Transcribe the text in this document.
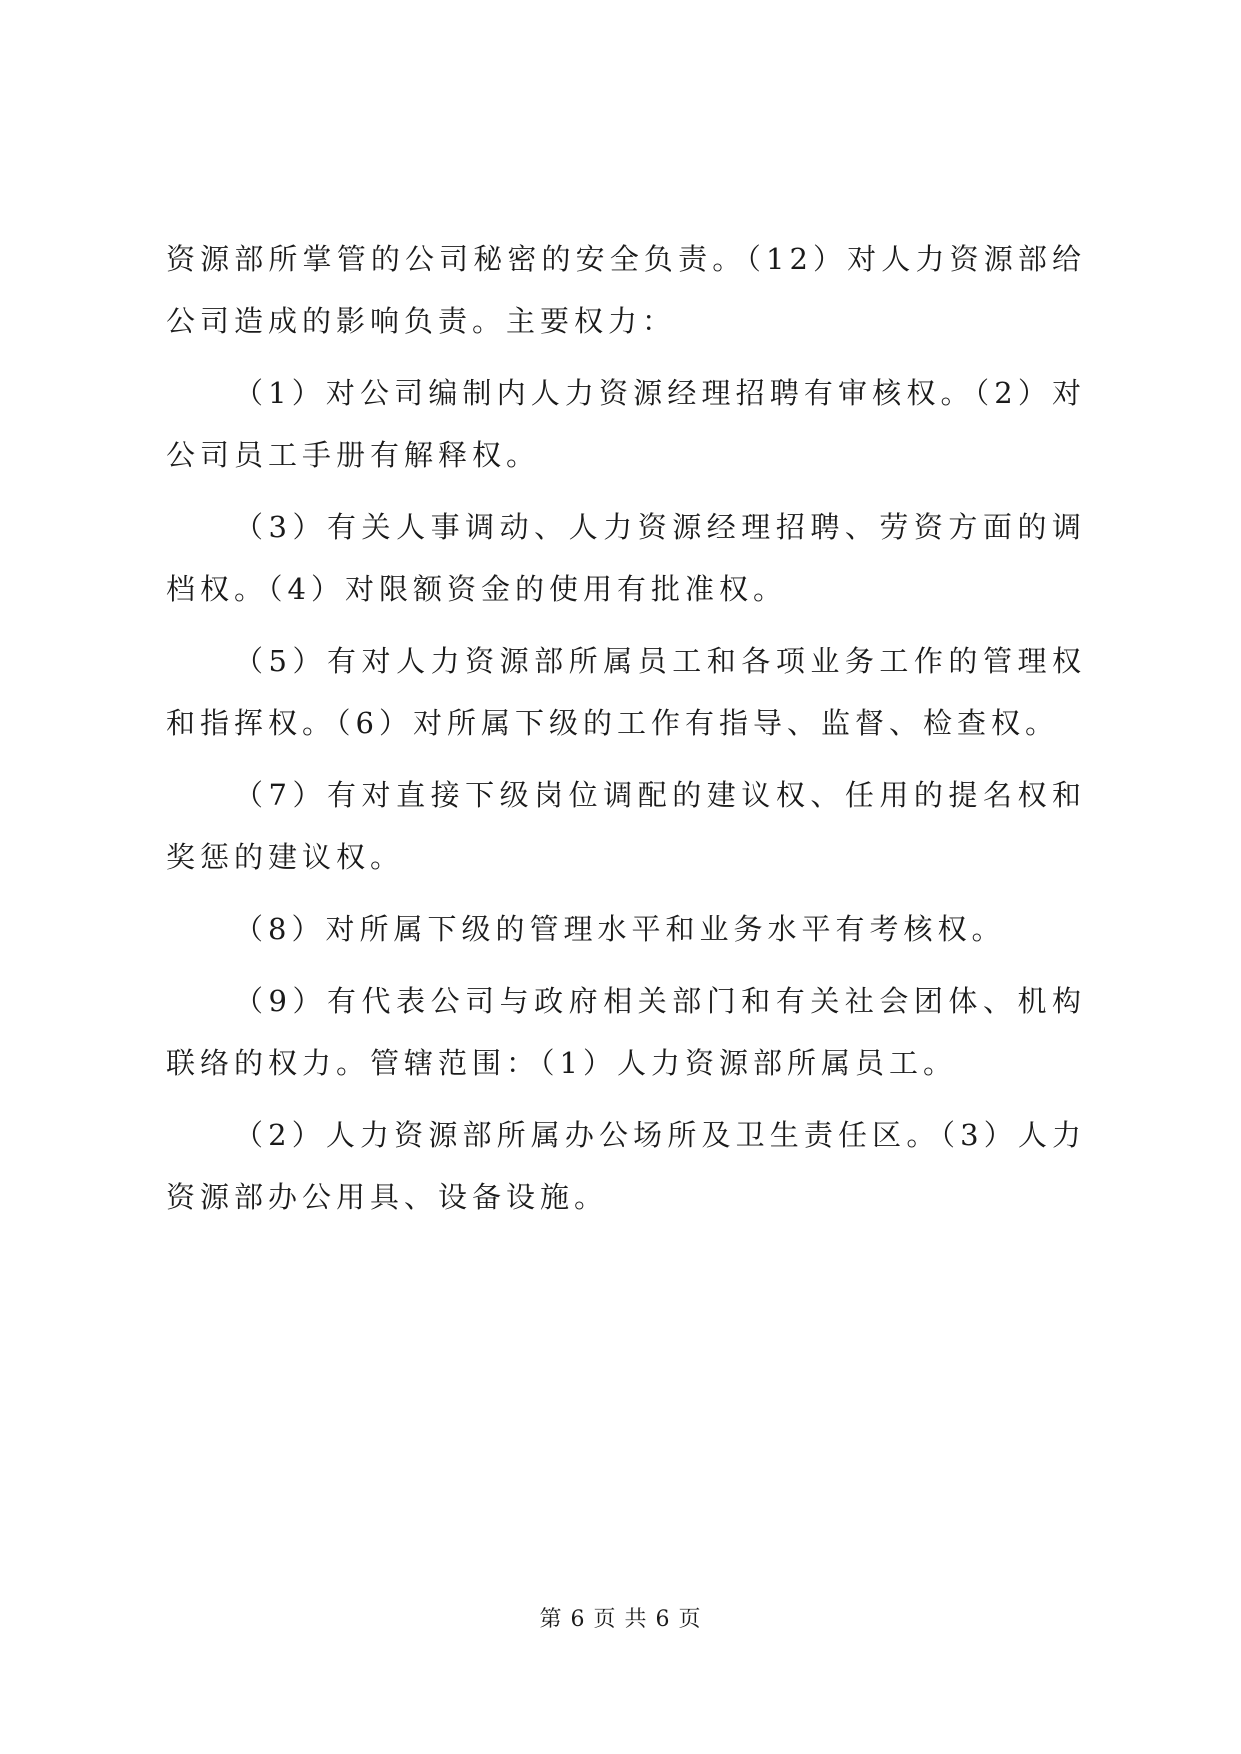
资源部所掌管的公司秘密的安全负责。（12）对人力资源部给公司造成的影响负责。主要权力：

（1）对公司编制内人力资源经理招聘有审核权。（2）对公司员工手册有解释权。

（3）有关人事调动、人力资源经理招聘、劳资方面的调档权。（4）对限额资金的使用有批准权。

（5）有对人力资源部所属员工和各项业务工作的管理权和指挥权。（6）对所属下级的工作有指导、监督、检查权。

（7）有对直接下级岗位调配的建议权、任用的提名权和奖惩的建议权。

（8）对所属下级的管理水平和业务水平有考核权。

（9）有代表公司与政府相关部门和有关社会团体、机构联络的权力。管辖范围：（1）人力资源部所属员工。

（2）人力资源部所属办公场所及卫生责任区。（3）人力资源部办公用具、设备设施。

第 6 页 共 6 页
